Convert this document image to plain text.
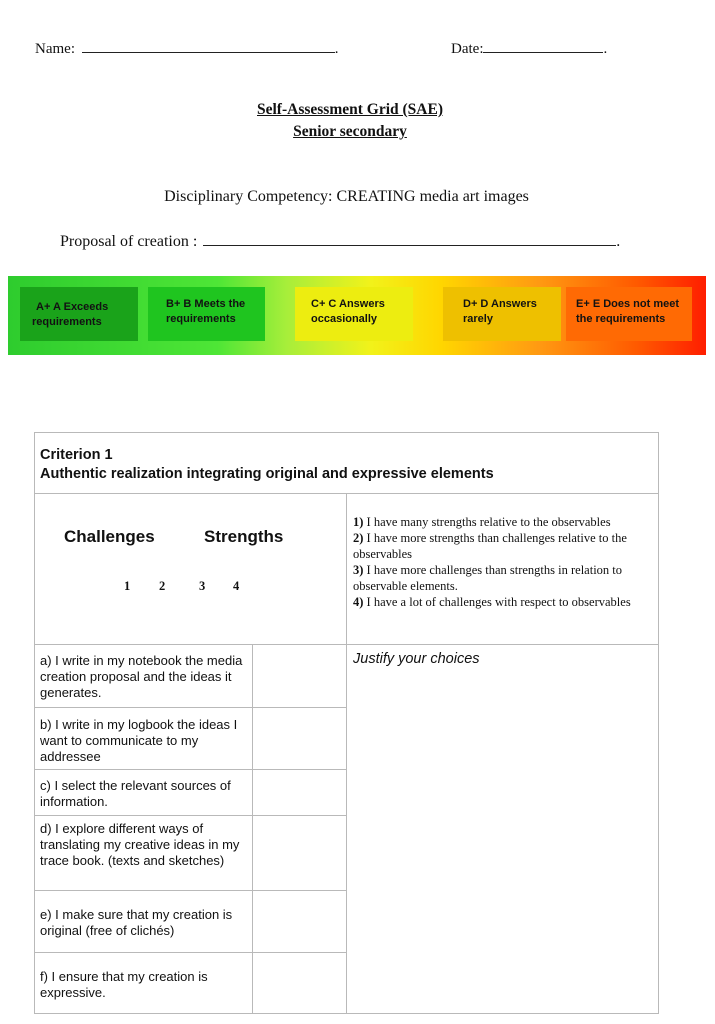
Name:	.	Date:	.
Self-Assessment Grid (SAE)
Senior secondary
Disciplinary Competency: CREATING media art images
Proposal of creation :	.
A+ A Exceeds
requirements
B+ B Meets the
requirements
C+ C Answers
occasionally
D+ D Answers
rarely
E+ E Does not meet
the requirements
Criterion 1
Authentic realization integrating original and expressive elements
Challenges	Strengths
1 2	3 4
1) I have many strengths relative to the observables
2) I have more strengths than challenges relative to the observables
3) I have more challenges than strengths in relation to observable elements.
4) I have a lot of challenges with respect to observables
Justify your choices
a) I write in my notebook the media creation proposal and the ideas it generates.
b) I write in my logbook the ideas I want to communicate to my addressee
c) I select the relevant sources of information.
d) I explore different ways of translating my creative ideas in my trace book. (texts and sketches)
e) I make sure that my creation is original (free of clichés)
f) I ensure that my creation is expressive.
